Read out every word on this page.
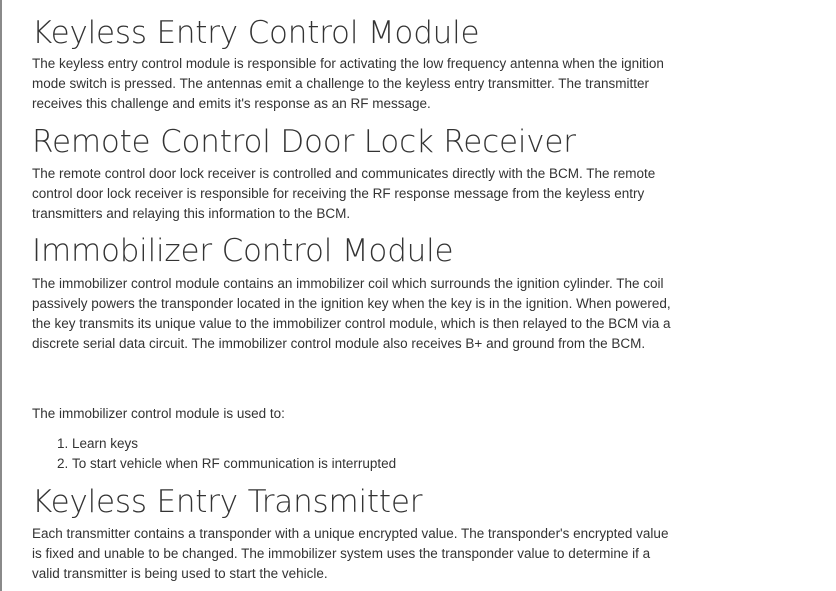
Keyless Entry Control Module

The keyless entry control module is responsible for activating the low frequency antenna when the ignition mode switch is pressed. The antennas emit a challenge to the keyless entry transmitter. The transmitter receives this challenge and emits it's response as an RF message.

Remote Control Door Lock Receiver

The remote control door lock receiver is controlled and communicates directly with the BCM. The remote control door lock receiver is responsible for receiving the RF response message from the keyless entry transmitters and relaying this information to the BCM.

Immobilizer Control Module

The immobilizer control module contains an immobilizer coil which surrounds the ignition cylinder. The coil passively powers the transponder located in the ignition key when the key is in the ignition. When powered, the key transmits its unique value to the immobilizer control module, which is then relayed to the BCM via a discrete serial data circuit. The immobilizer control module also receives B+ and ground from the BCM.

The immobilizer control module is used to:

1. Learn keys
2. To start vehicle when RF communication is interrupted
Keyless Entry Transmitter

Each transmitter contains a transponder with a unique encrypted value. The transponder's encrypted value is fixed and unable to be changed. The immobilizer system uses the transponder value to determine if a valid transmitter is being used to start the vehicle.
